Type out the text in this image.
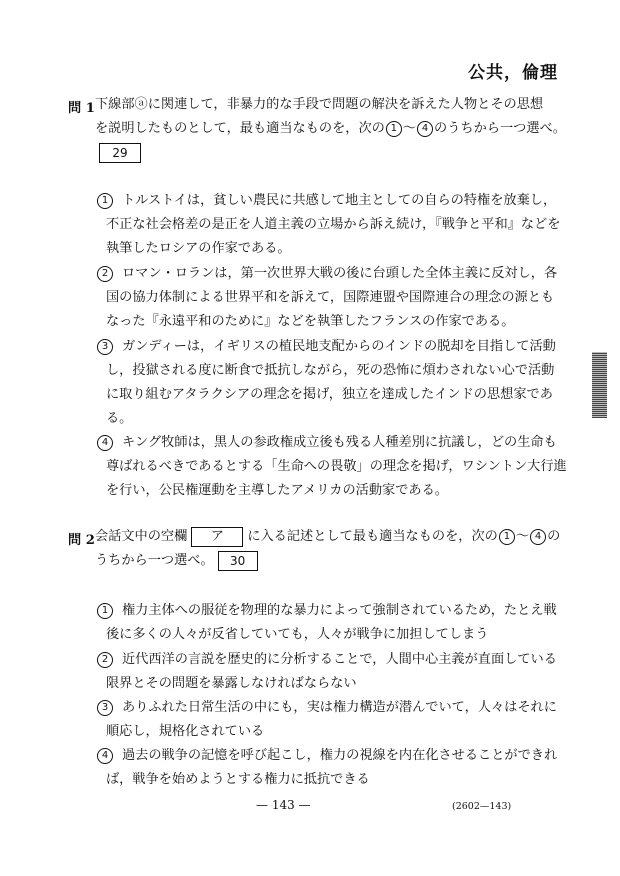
公共，倫理
問 1 下線部ⓐに関連して，非暴力的な手段で問題の解決を訴えた人物とその思想
を説明したものとして，最も適当なものを，次の 1 ～ 4 のうちから一つ選べ。
29
1	トルストイは，貧しい農民に共感して地主としての自らの特権を放棄し，
不正な社会格差の是正を人道主義の立場から訴え続け，『戦争と平和』などを
執筆したロシアの作家である。
2	ロマン・ロランは，第一次世界大戦の後に台頭した全体主義に反対し，各
国の協力体制による世界平和を訴えて，国際連盟や国際連合の理念の源とも
なった『永遠平和のために』などを執筆したフランスの作家である。
3	ガンディーは，イギリスの植民地支配からのインドの脱却を目指して活動
し，投獄される度に断食で抵抗しながら，死の恐怖に煩わされない心で活動
に取り組むアタラクシアの理念を掲げ，独立を達成したインドの思想家であ
る。
4	キング牧師は，黒人の参政権成立後も残る人種差別に抗議し，どの生命も
尊ばれるべきであるとする「生命への畏敬」の理念を掲げ，ワシントン大行進
を行い，公民権運動を主導したアメリカの活動家である。
問 2 会話文中の空欄 ア に入る記述として最も適当なものを，次の 1 ～ 4 の
うちから一つ選べ。 30
1	権力主体への服従を物理的な暴力によって強制されているため，たとえ戦
後に多くの人々が反省していても，人々が戦争に加担してしまう
2	近代西洋の言説を歴史的に分析することで，人間中心主義が直面している
限界とその問題を暴露しなければならない
3	ありふれた日常生活の中にも，実は権力構造が潜んでいて，人々はそれに
順応し，規格化されている
4	過去の戦争の記憶を呼び起こし，権力の視線を内在化させることができれ
ば，戦争を始めようとする権力に抵抗できる
— 143 —	(2602—143)
